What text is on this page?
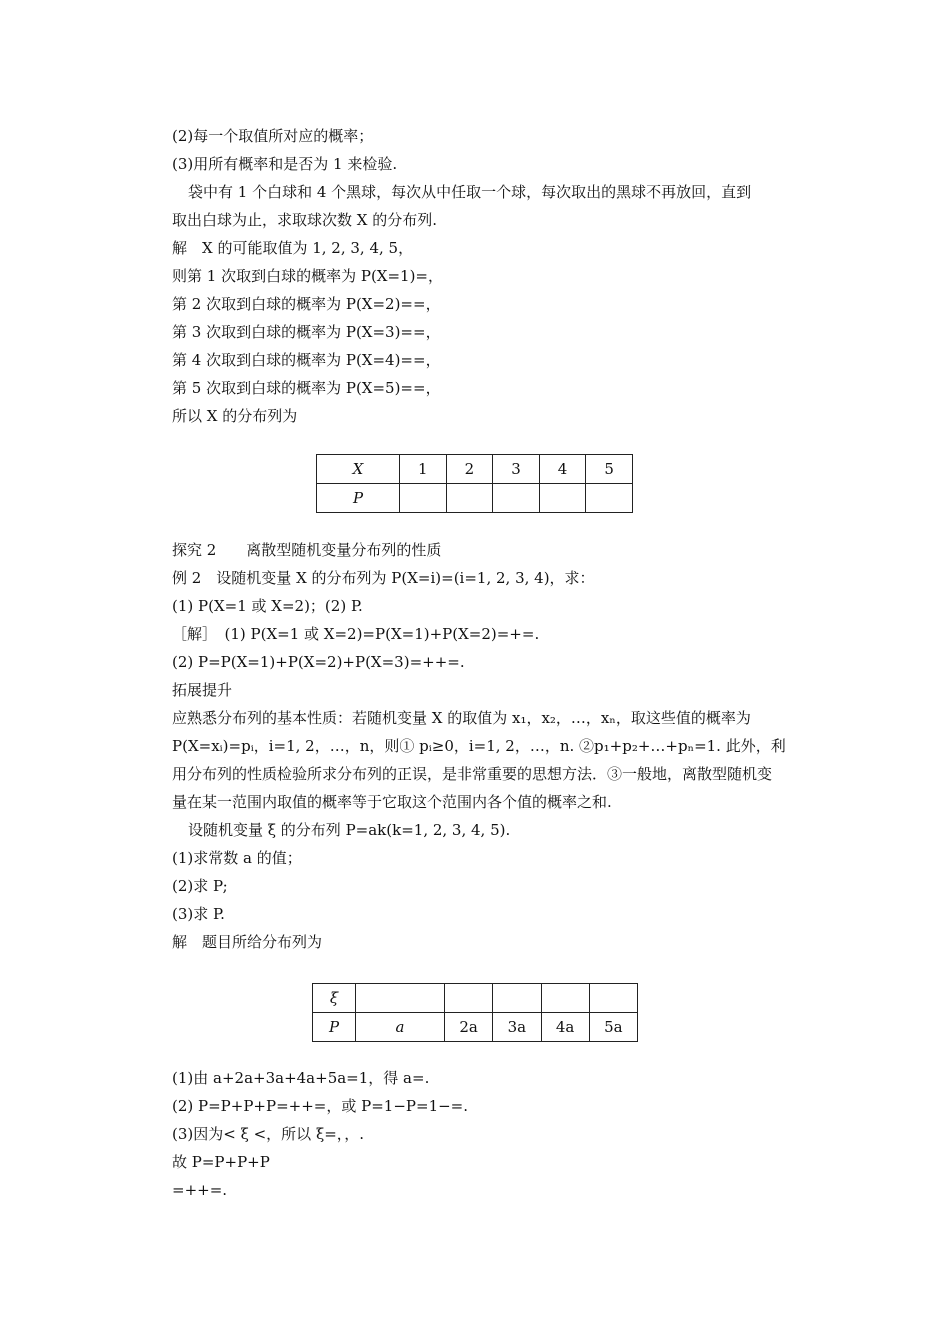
(2)每一个取值所对应的概率；
(3)用所有概率和是否为 1 来检验.
袋中有 1 个白球和 4 个黑球，每次从中任取一个球，每次取出的黑球不再放回，直到
取出白球为止，求取球次数 X 的分布列.
解　X 的可能取值为 1, 2, 3, 4, 5，
则第 1 次取到白球的概率为 P(X=1)=，
第 2 次取到白球的概率为 P(X=2)==，
第 3 次取到白球的概率为 P(X=3)==，
第 4 次取到白球的概率为 P(X=4)==，
第 5 次取到白球的概率为 P(X=5)==，
所以 X 的分布列为
X	1	2	3	4	5
P					
探究 2　　离散型随机变量分布列的性质
例 2　设随机变量 X 的分布列为 P(X=i)=(i=1, 2, 3, 4)，求：
(1) P(X=1 或 X=2)；(2) P.
［解］　(1) P(X=1 或 X=2)=P(X=1)+P(X=2)=+=.
(2) P=P(X=1)+P(X=2)+P(X=3)=++=.
拓展提升
应熟悉分布列的基本性质：若随机变量 X 的取值为 x₁，x₂，…，xₙ，取这些值的概率为
P(X=xᵢ)=pᵢ，i=1, 2，…，n，则① pᵢ≥0，i=1, 2，…，n. ②p₁+p₂+…+pₙ=1. 此外，利
用分布列的性质检验所求分布列的正误，是非常重要的思想方法．③一般地，离散型随机变
量在某一范围内取值的概率等于它取这个范围内各个值的概率之和.
设随机变量 ξ 的分布列 P=ak(k=1, 2, 3, 4, 5).
(1)求常数 a 的值；
(2)求 P;
(3)求 P.
解　题目所给分布列为
ξ					
P	a	2a	3a	4a	5a
(1)由 a+2a+3a+4a+5a=1，得 a=.
(2) P=P+P+P=++=，或 P=1−P=1−=.
(3)因为< ξ <，所以 ξ=，，.
故 P=P+P+P
=++=.
